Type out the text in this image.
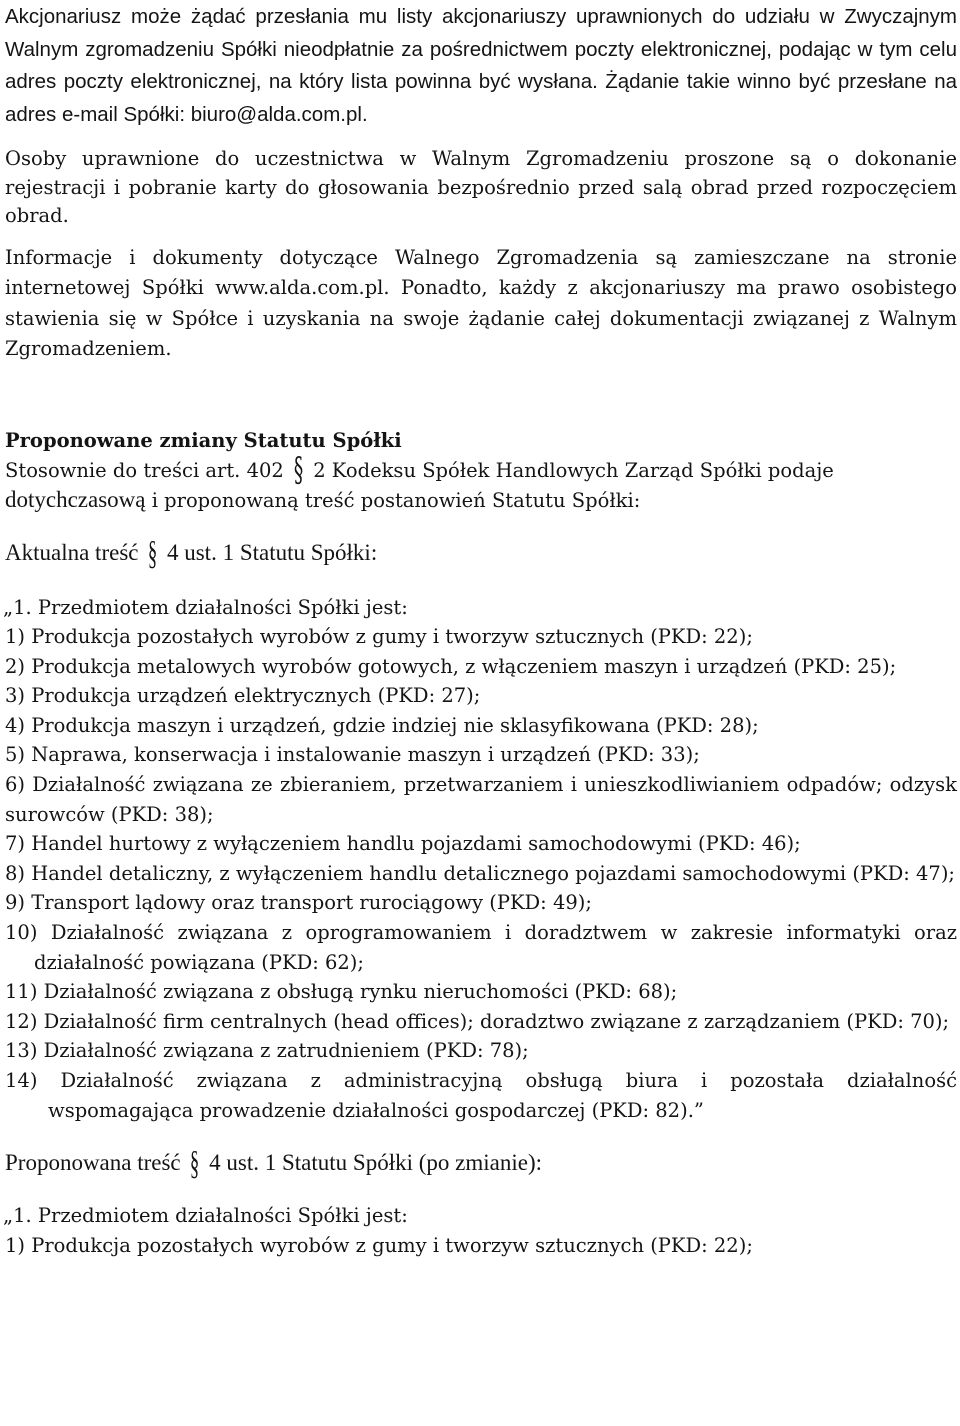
Akcjonariusz może żądać przesłania mu listy akcjonariuszy uprawnionych do udziału w Zwyczajnym Walnym zgromadzeniu Spółki nieodpłatnie za pośrednictwem poczty elektronicznej, podając w tym celu adres poczty elektronicznej, na który lista powinna być wysłana. Żądanie takie winno być przesłane na adres e-mail Spółki: biuro@alda.com.pl.

Osoby uprawnione do uczestnictwa w Walnym Zgromadzeniu proszone są o dokonanie rejestracji i pobranie karty do głosowania bezpośrednio przed salą obrad przed rozpoczęciem obrad.

Informacje i dokumenty dotyczące Walnego Zgromadzenia są zamieszczane na stronie internetowej Spółki www.alda.com.pl. Ponadto, każdy z akcjonariuszy ma prawo osobistego stawienia się w Spółce i uzyskania na swoje żądanie całej dokumentacji związanej z Walnym Zgromadzeniem.

Proponowane zmiany Statutu Spółki

Stosownie do treści art. 402 § 2 Kodeksu Spółek Handlowych Zarząd Spółki podaje
dotychczasową i proponowaną treść postanowień Statutu Spółki:

Aktualna treść § 4 ust. 1 Statutu Spółki:

„1. Przedmiotem działalności Spółki jest:
1) Produkcja pozostałych wyrobów z gumy i tworzyw sztucznych (PKD: 22);
2) Produkcja metalowych wyrobów gotowych, z włączeniem maszyn i urządzeń (PKD: 25);
3) Produkcja urządzeń elektrycznych (PKD: 27);
4) Produkcja maszyn i urządzeń, gdzie indziej nie sklasyfikowana (PKD: 28);
5) Naprawa, konserwacja i instalowanie maszyn i urządzeń (PKD: 33);
6) Działalność związana ze zbieraniem, przetwarzaniem i unieszkodliwianiem odpadów; odzysk surowców (PKD: 38);
7) Handel hurtowy z wyłączeniem handlu pojazdami samochodowymi (PKD: 46);
8) Handel detaliczny, z wyłączeniem handlu detalicznego pojazdami samochodowymi (PKD: 47);
9) Transport lądowy oraz transport rurociągowy (PKD: 49);
10) Działalność związana z oprogramowaniem i doradztwem w zakresie informatyki oraz działalność powiązana (PKD: 62);
11) Działalność związana z obsługą rynku nieruchomości (PKD: 68);
12) Działalność firm centralnych (head offices); doradztwo związane z zarządzaniem (PKD: 70);
13) Działalność związana z zatrudnieniem (PKD: 78);
14) Działalność związana z administracyjną obsługą biura i pozostała działalność wspomagająca prowadzenie działalności gospodarczej (PKD: 82).”

Proponowana treść § 4 ust. 1 Statutu Spółki (po zmianie):

„1. Przedmiotem działalności Spółki jest:
1) Produkcja pozostałych wyrobów z gumy i tworzyw sztucznych (PKD: 22);
